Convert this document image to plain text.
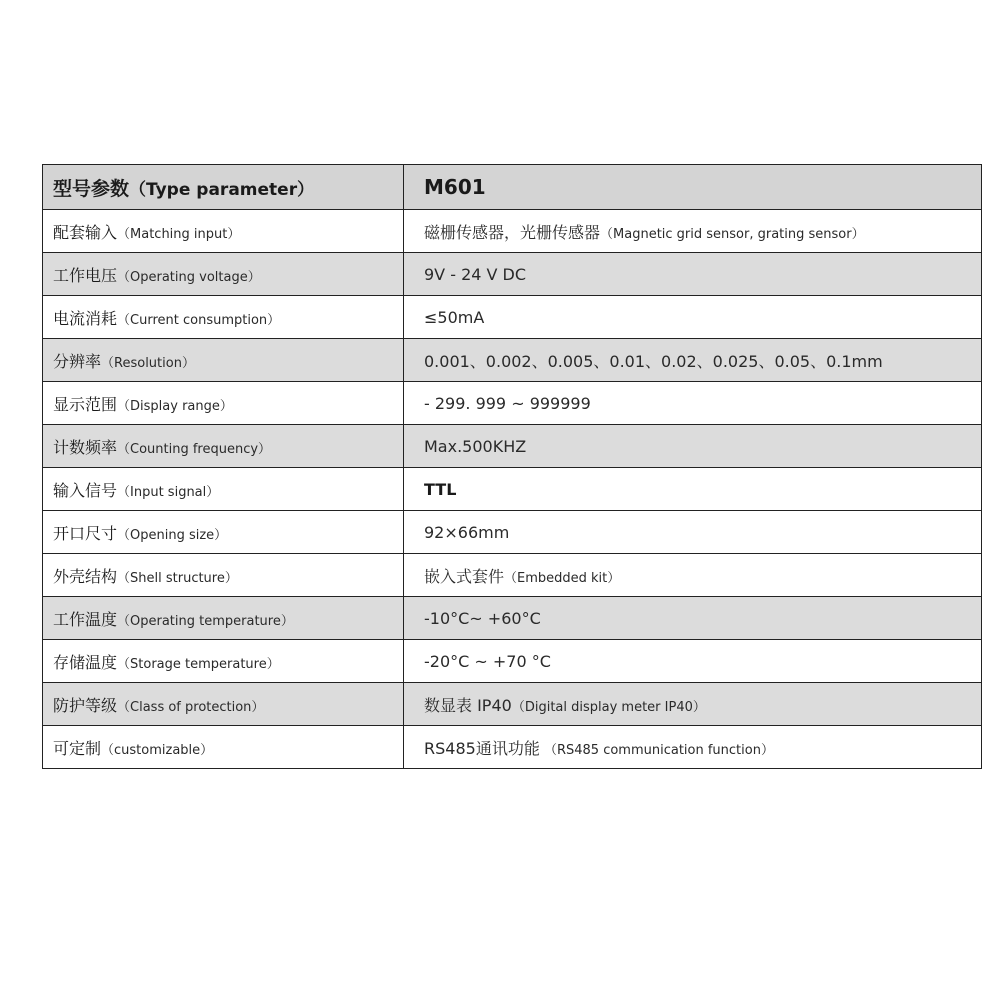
型号参数（Type parameter）	M601
配套输入（Matching input）	磁栅传感器，光栅传感器（Magnetic grid sensor, grating sensor）
工作电压（Operating voltage）	9V - 24 V DC
电流消耗（Current consumption）	≤50mA
分辨率（Resolution）	0.001、0.002、0.005、0.01、0.02、0.025、0.05、0.1mm
显示范围（Display range）	- 299. 999 ~ 999999
计数频率（Counting frequency）	Max.500KHZ
输入信号（Input signal）	TTL
开口尺寸（Opening size）	92×66mm
外壳结构（Shell structure）	嵌入式套件（Embedded kit）
工作温度（Operating temperature）	-10°C~ +60°C
存储温度（Storage temperature）	-20°C ~ +70 °C
防护等级（Class of protection）	数显表 IP40（Digital display meter IP40）
可定制（customizable）	RS485通讯功能 （RS485 communication function）
